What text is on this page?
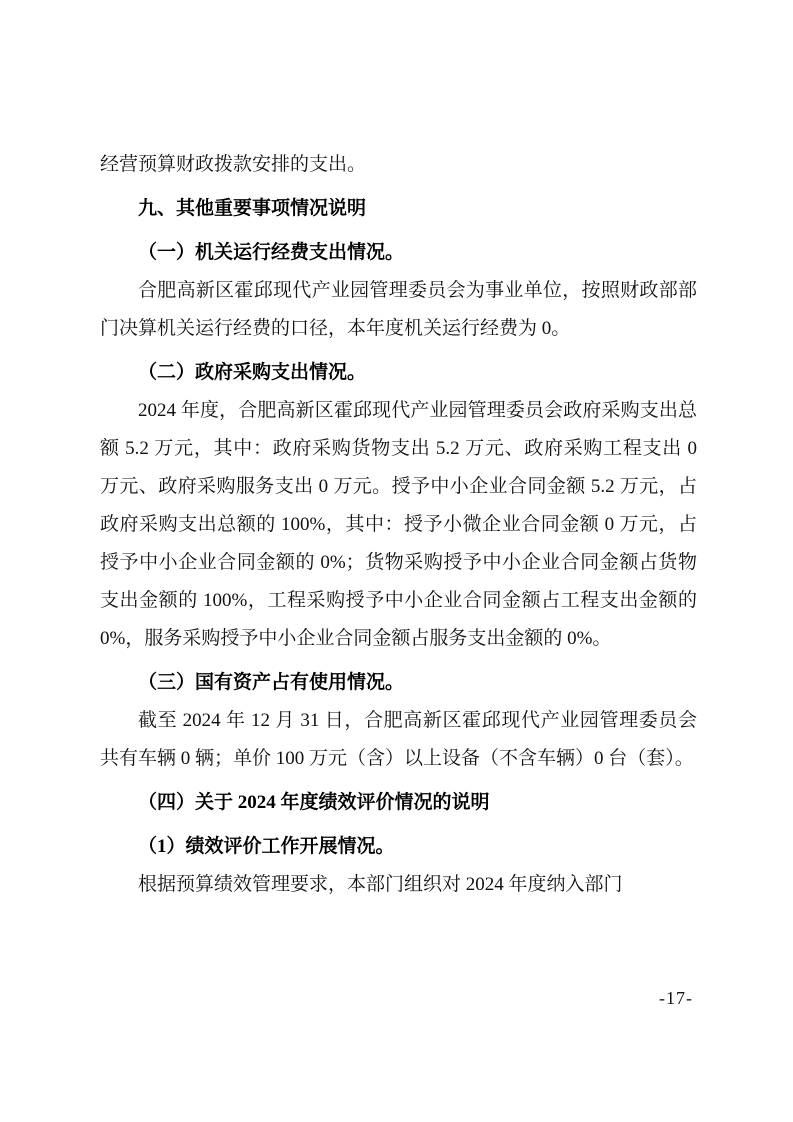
经营预算财政拨款安排的支出。

九、其他重要事项情况说明

（一）机关运行经费支出情况。

合肥高新区霍邱现代产业园管理委员会为事业单位，按照财政部部门决算机关运行经费的口径，本年度机关运行经费为 0。

（二）政府采购支出情况。

2024 年度，合肥高新区霍邱现代产业园管理委员会政府采购支出总额 5.2 万元，其中：政府采购货物支出 5.2 万元、政府采购工程支出 0 万元、政府采购服务支出 0 万元。授予中小企业合同金额 5.2 万元，占政府采购支出总额的 100%，其中：授予小微企业合同金额 0 万元，占授予中小企业合同金额的 0%；货物采购授予中小企业合同金额占货物支出金额的 100%，工程采购授予中小企业合同金额占工程支出金额的 0%，服务采购授予中小企业合同金额占服务支出金额的 0%。

（三）国有资产占有使用情况。

截至 2024 年 12 月 31 日，合肥高新区霍邱现代产业园管理委员会共有车辆 0 辆；单价 100 万元（含）以上设备（不含车辆）0 台（套）。

（四）关于 2024 年度绩效评价情况的说明

（1）绩效评价工作开展情况。

根据预算绩效管理要求，本部门组织对 2024 年度纳入部门

-17-
